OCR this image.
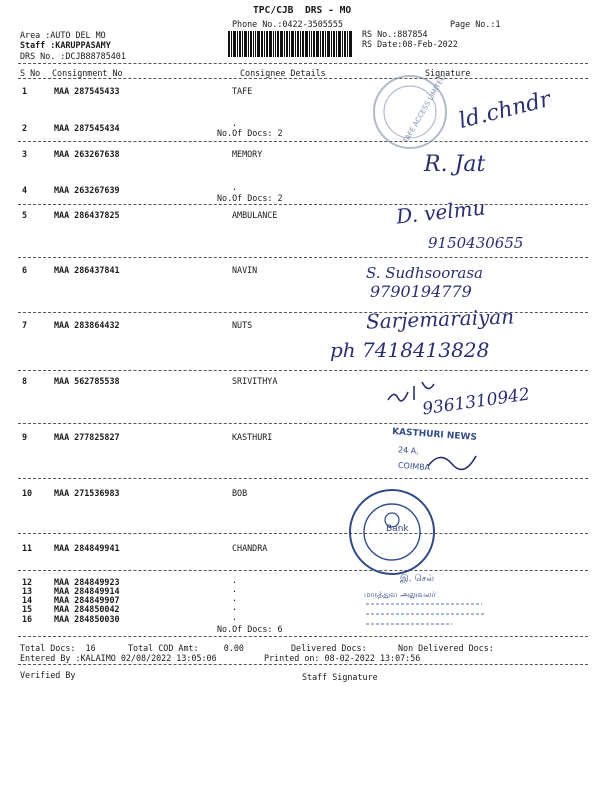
TPC/CJB  DRS - MO
Phone No.:0422-3505555	Page No.:1
Area :AUTO DEL MO
Staff :KARUPPASAMY
DRS No. :DCJB88785401
RS No.:887854
RS Date:08-Feb-2022
S No Consignment No	Consignee Details	Signature
1	MAA 287545433	TAFE
2	MAA 287545434	.
No.Of Docs: 2
3	MAA 263267638	MEMORY
4	MAA 263267639	.
No.Of Docs: 2
5	MAA 286437825	AMBULANCE
6	MAA 286437841	NAVIN
7	MAA 283864432	NUTS
8	MAA 562785538	SRIVITHYA
9	MAA 277825827	KASTHURI
10	MAA 271536983	BOB
11	MAA 284849941	CHANDRA
12	MAA 284849923	.
13	MAA 284849914	.
14	MAA 284849907	.
15	MAA 284850042	.
16	MAA 284850030	.
No.Of Docs: 6
Total Docs:  16	Total COD Amt:     0.00	Delivered Docs:	Non Delivered Docs:
Entered By :KALAIMO 02/08/2022 13:05:06	Printed on: 08-02-2022 13:07:56
Verified By	Staff Signature
TAFE ACCESS LIMITED ld.chndr
R. Jat
D. velmu
9150430655
S. Sudhsoorasa
9790194779
Sarjemaraiyan
ph 7418413828
9361310942
KASTHURI NEWS
24 A,
COIMBA
Bank
இ. செல்
மருத்துவ அலுவலர்
